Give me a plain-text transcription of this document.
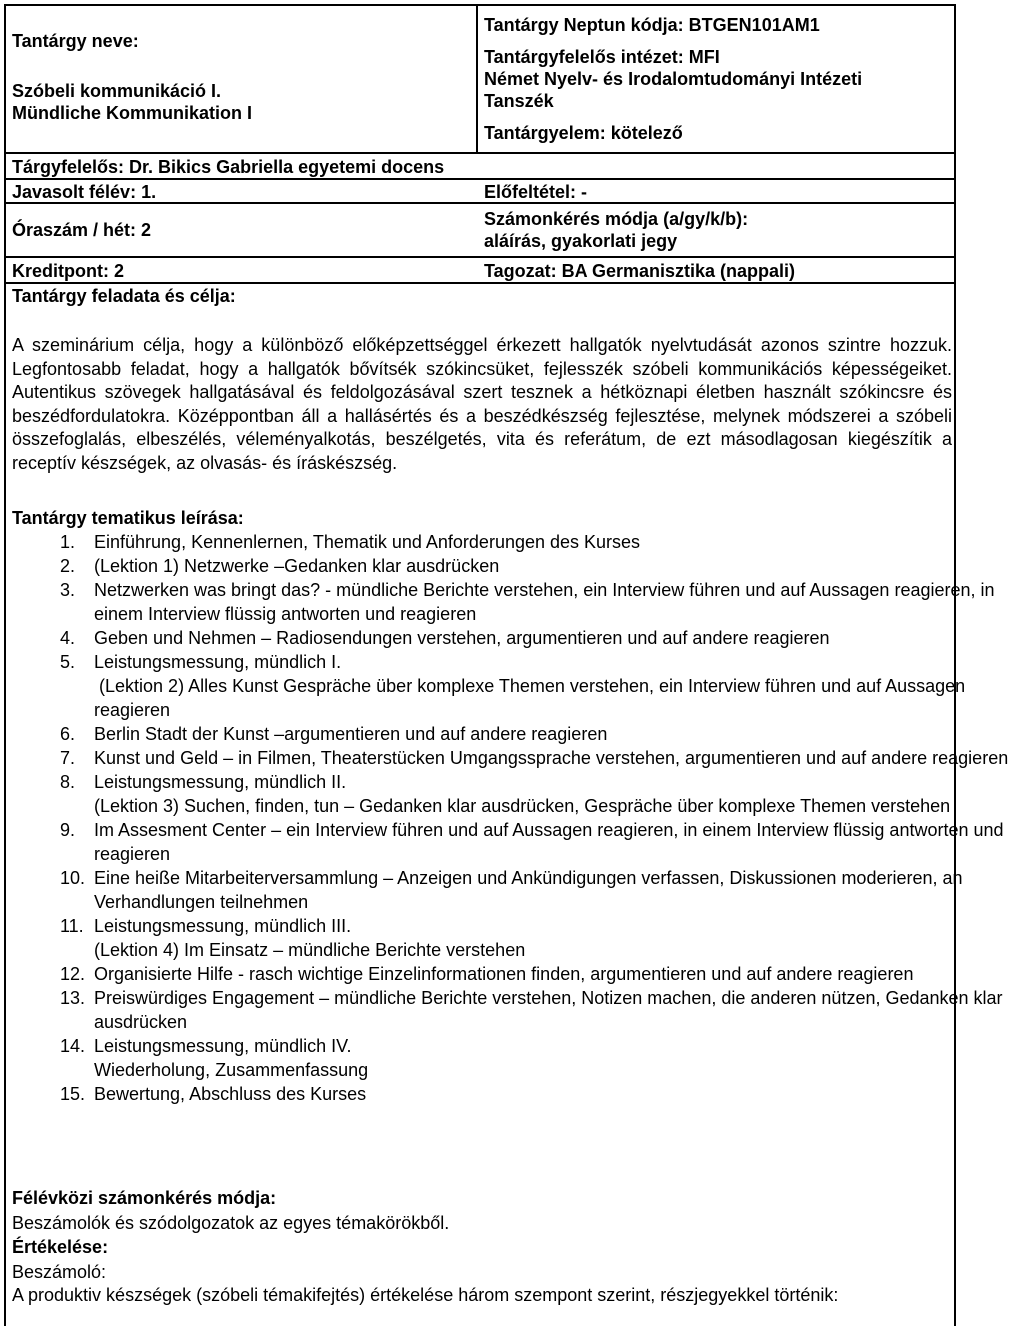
Tantárgy neve:
Szóbeli kommunikáció I.
Mündliche Kommunikation I
Tantárgy Neptun kódja: BTGEN101AM1
Tantárgyfelelős intézet: MFI
Német Nyelv- és Irodalomtudományi Intézeti
Tanszék
Tantárgyelem: kötelező
Tárgyfelelős: Dr. Bikics Gabriella egyetemi docens
Javasolt félév: 1.	Előfeltétel: -
Óraszám / hét: 2
Számonkérés módja (a/gy/k/b):
aláírás, gyakorlati jegy
Kreditpont: 2	Tagozat: BA Germanisztika (nappali)
Tantárgy feladata és célja:
A szeminárium célja, hogy a különböző előképzettséggel érkezett hallgatók nyelvtudását azonos szintre hozzuk. Legfontosabb feladat, hogy a hallgatók bővítsék szókincsüket, fejlesszék szóbeli kommunikációs képességeiket. Autentikus szövegek hallgatásával és feldolgozásával szert tesznek a hétköznapi életben használt szókincsre és beszédfordulatokra. Középpontban áll a hallásértés és a beszédkészség fejlesztése, melynek módszerei a szóbeli összefoglalás, elbeszélés, véleményalkotás, beszélgetés, vita és referátum, de ezt másodlagosan kiegészítik a receptív készségek, az olvasás- és íráskészség.
Tantárgy tematikus leírása:
1. Einführung, Kennenlernen, Thematik und Anforderungen des Kurses
2. (Lektion 1) Netzwerke –Gedanken klar ausdrücken
3. Netzwerken was bringt das? - mündliche Berichte verstehen, ein Interview führen und auf Aussagen reagieren, in einem Interview flüssig antworten und reagieren
4. Geben und Nehmen – Radiosendungen verstehen, argumentieren und auf andere reagieren
5. Leistungsmessung, mündlich I.
(Lektion 2) Alles Kunst Gespräche über komplexe Themen verstehen, ein Interview führen und auf Aussagen reagieren
6. Berlin Stadt der Kunst –argumentieren und auf andere reagieren
7. Kunst und Geld – in Filmen, Theaterstücken Umgangssprache verstehen, argumentieren und auf andere reagieren
8. Leistungsmessung, mündlich II.
(Lektion 3) Suchen, finden, tun – Gedanken klar ausdrücken, Gespräche über komplexe Themen verstehen
9. Im Assesment Center – ein Interview führen und auf Aussagen reagieren, in einem Interview flüssig antworten und reagieren
10. Eine heiße Mitarbeiterversammlung – Anzeigen und Ankündigungen verfassen, Diskussionen moderieren, an Verhandlungen teilnehmen
11. Leistungsmessung, mündlich III.
(Lektion 4) Im Einsatz – mündliche Berichte verstehen
12. Organisierte Hilfe - rasch wichtige Einzelinformationen finden, argumentieren und auf andere reagieren
13. Preiswürdiges Engagement – mündliche Berichte verstehen, Notizen machen, die anderen nützen, Gedanken klar ausdrücken
14. Leistungsmessung, mündlich IV.
Wiederholung, Zusammenfassung
15. Bewertung, Abschluss des Kurses
Félévközi számonkérés módja:
Beszámolók és szódolgozatok az egyes témakörökből.
Értékelése:
Beszámoló:
A produktiv készségek (szóbeli témakifejtés) értékelése három szempont szerint, részjegyekkel történik:
